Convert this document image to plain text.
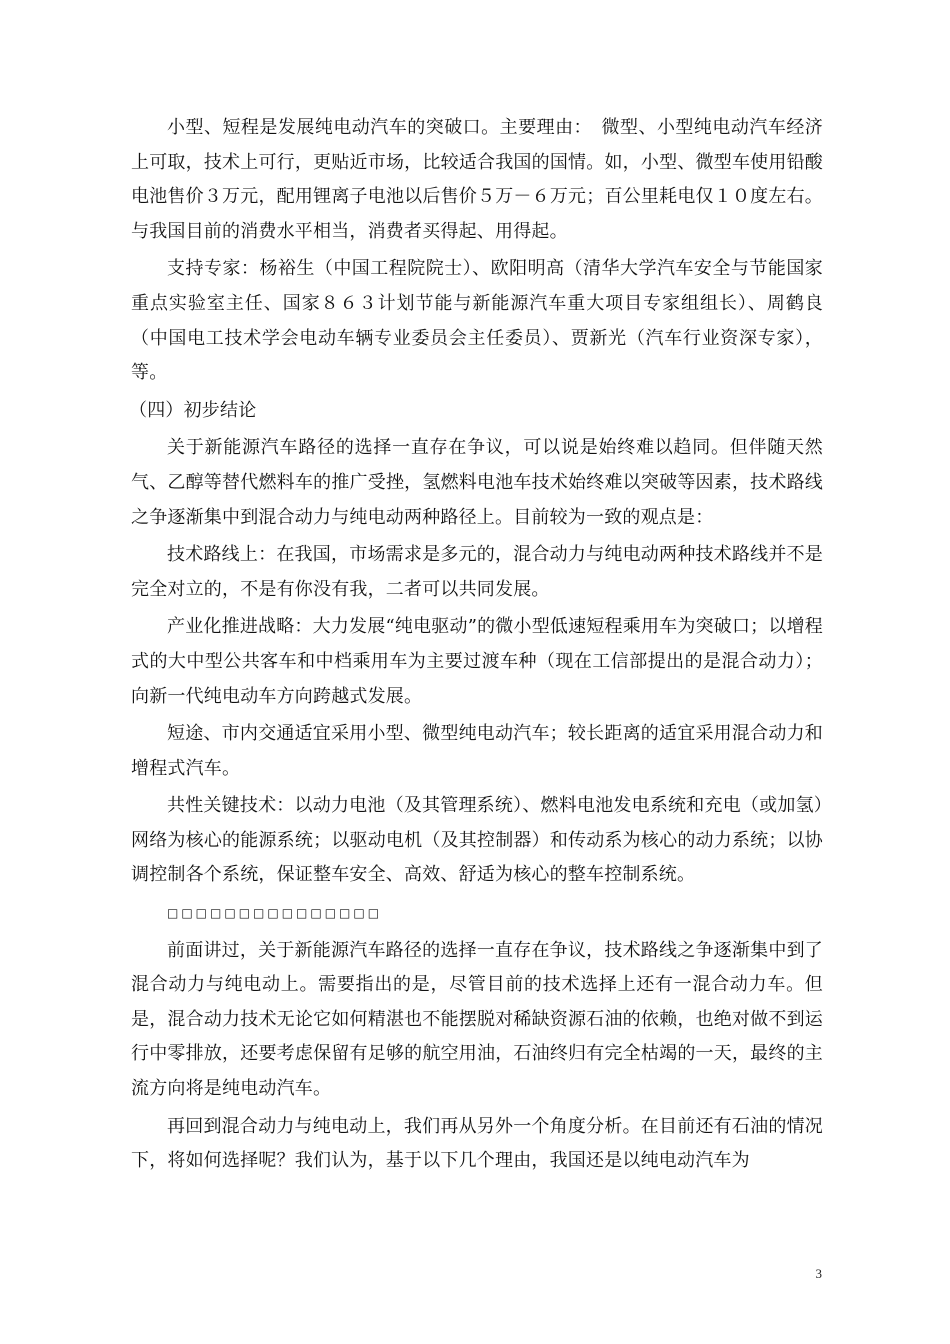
小型、短程是发展纯电动汽车的突破口。主要理由：　微型、小型纯电动汽车经济上可取，技术上可行，更贴近市场，比较适合我国的国情。如，小型、微型车使用铅酸电池售价３万元，配用锂离子电池以后售价５万－６万元；百公里耗电仅１０度左右。与我国目前的消费水平相当，消费者买得起、用得起。

支持专家：杨裕生（中国工程院院士）、欧阳明高（清华大学汽车安全与节能国家重点实验室主任、国家８６３计划节能与新能源汽车重大项目专家组组长）、周鹤良（中国电工技术学会电动车辆专业委员会主任委员）、贾新光（汽车行业资深专家），等。

（四）初步结论

关于新能源汽车路径的选择一直存在争议，可以说是始终难以趋同。但伴随天然气、乙醇等替代燃料车的推广受挫，氢燃料电池车技术始终难以突破等因素，技术路线之争逐渐集中到混合动力与纯电动两种路径上。目前较为一致的观点是：

技术路线上：在我国，市场需求是多元的，混合动力与纯电动两种技术路线并不是完全对立的，不是有你没有我，二者可以共同发展。

产业化推进战略：大力发展“纯电驱动”的微小型低速短程乘用车为突破口；以增程式的大中型公共客车和中档乘用车为主要过渡车种（现在工信部提出的是混合动力）；向新一代纯电动车方向跨越式发展。

短途、市内交通适宜采用小型、微型纯电动汽车；较长距离的适宜采用混合动力和增程式汽车。

共性关键技术：以动力电池（及其管理系统）、燃料电池发电系统和充电（或加氢）网络为核心的能源系统；以驱动电机（及其控制器）和传动系为核心的动力系统；以协调控制各个系统，保证整车安全、高效、舒适为核心的整车控制系统。

□□□□□□□□□□□□□□□

前面讲过，关于新能源汽车路径的选择一直存在争议，技术路线之争逐渐集中到了混合动力与纯电动上。需要指出的是，尽管目前的技术选择上还有一混合动力车。但是，混合动力技术无论它如何精湛也不能摆脱对稀缺资源石油的依赖，也绝对做不到运行中零排放，还要考虑保留有足够的航空用油，石油终归有完全枯竭的一天，最终的主流方向将是纯电动汽车。

再回到混合动力与纯电动上，我们再从另外一个角度分析。在目前还有石油的情况下，将如何选择呢？我们认为，基于以下几个理由，我国还是以纯电动汽车为

3
